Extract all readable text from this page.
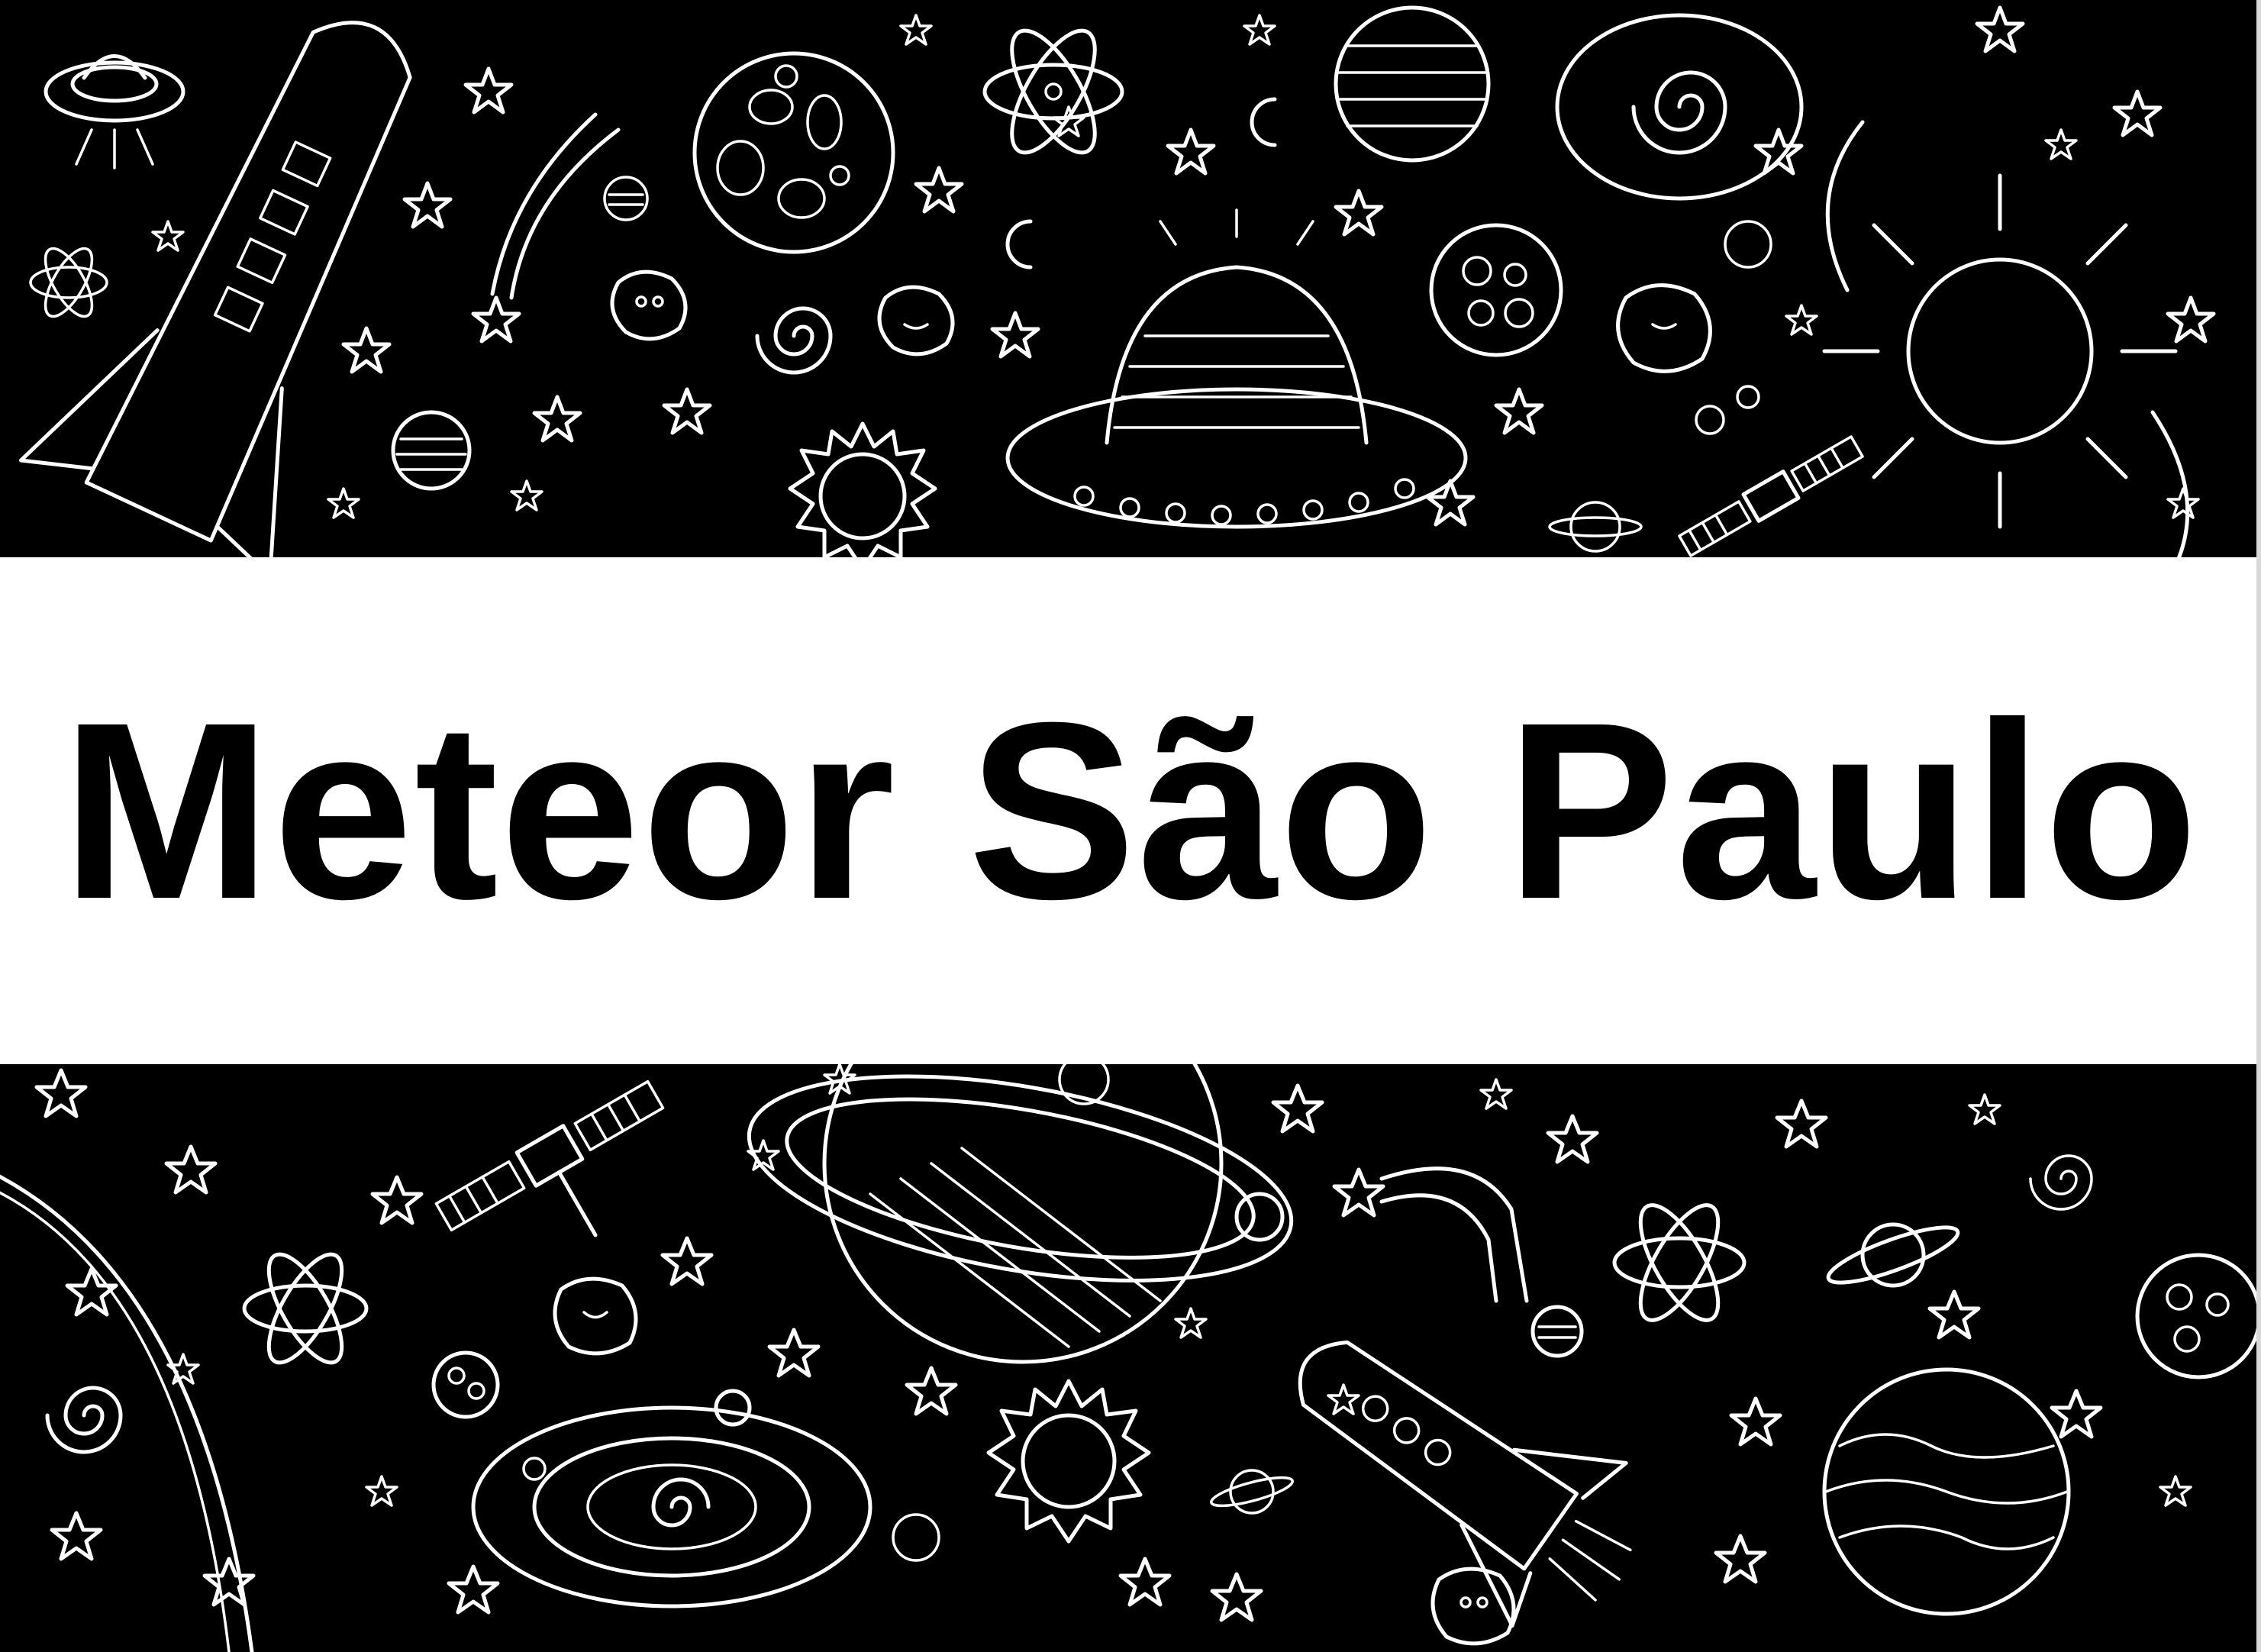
Meteor São Paulo
